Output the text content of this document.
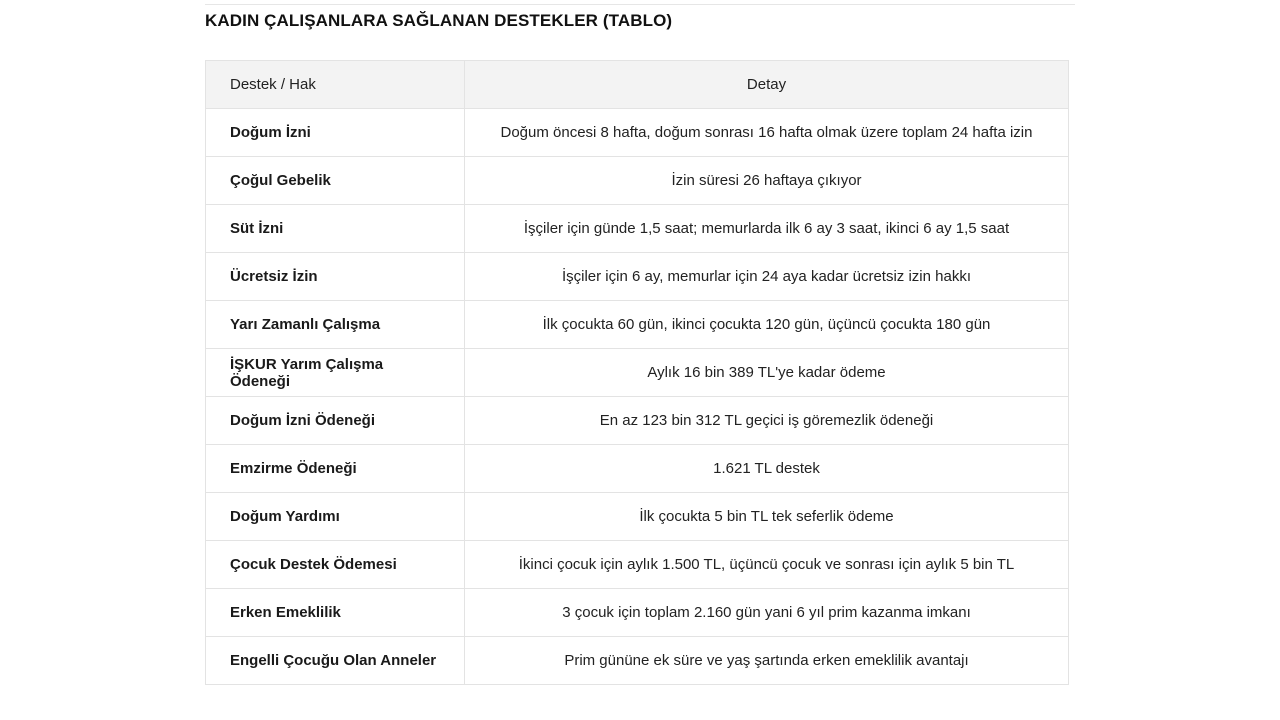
KADIN ÇALIŞANLARA SAĞLANAN DESTEKLER (TABLO)
Destek / Hak	Detay
Doğum İzni	Doğum öncesi 8 hafta, doğum sonrası 16 hafta olmak üzere toplam 24 hafta izin
Çoğul Gebelik	İzin süresi 26 haftaya çıkıyor
Süt İzni	İşçiler için günde 1,5 saat; memurlarda ilk 6 ay 3 saat, ikinci 6 ay 1,5 saat
Ücretsiz İzin	İşçiler için 6 ay, memurlar için 24 aya kadar ücretsiz izin hakkı
Yarı Zamanlı Çalışma	İlk çocukta 60 gün, ikinci çocukta 120 gün, üçüncü çocukta 180 gün
İŞKUR Yarım Çalışma Ödeneği	Aylık 16 bin 389 TL'ye kadar ödeme
Doğum İzni Ödeneği	En az 123 bin 312 TL geçici iş göremezlik ödeneği
Emzirme Ödeneği	1.621 TL destek
Doğum Yardımı	İlk çocukta 5 bin TL tek seferlik ödeme
Çocuk Destek Ödemesi	İkinci çocuk için aylık 1.500 TL, üçüncü çocuk ve sonrası için aylık 5 bin TL
Erken Emeklilik	3 çocuk için toplam 2.160 gün yani 6 yıl prim kazanma imkanı
Engelli Çocuğu Olan Anneler	Prim gününe ek süre ve yaş şartında erken emeklilik avantajı
